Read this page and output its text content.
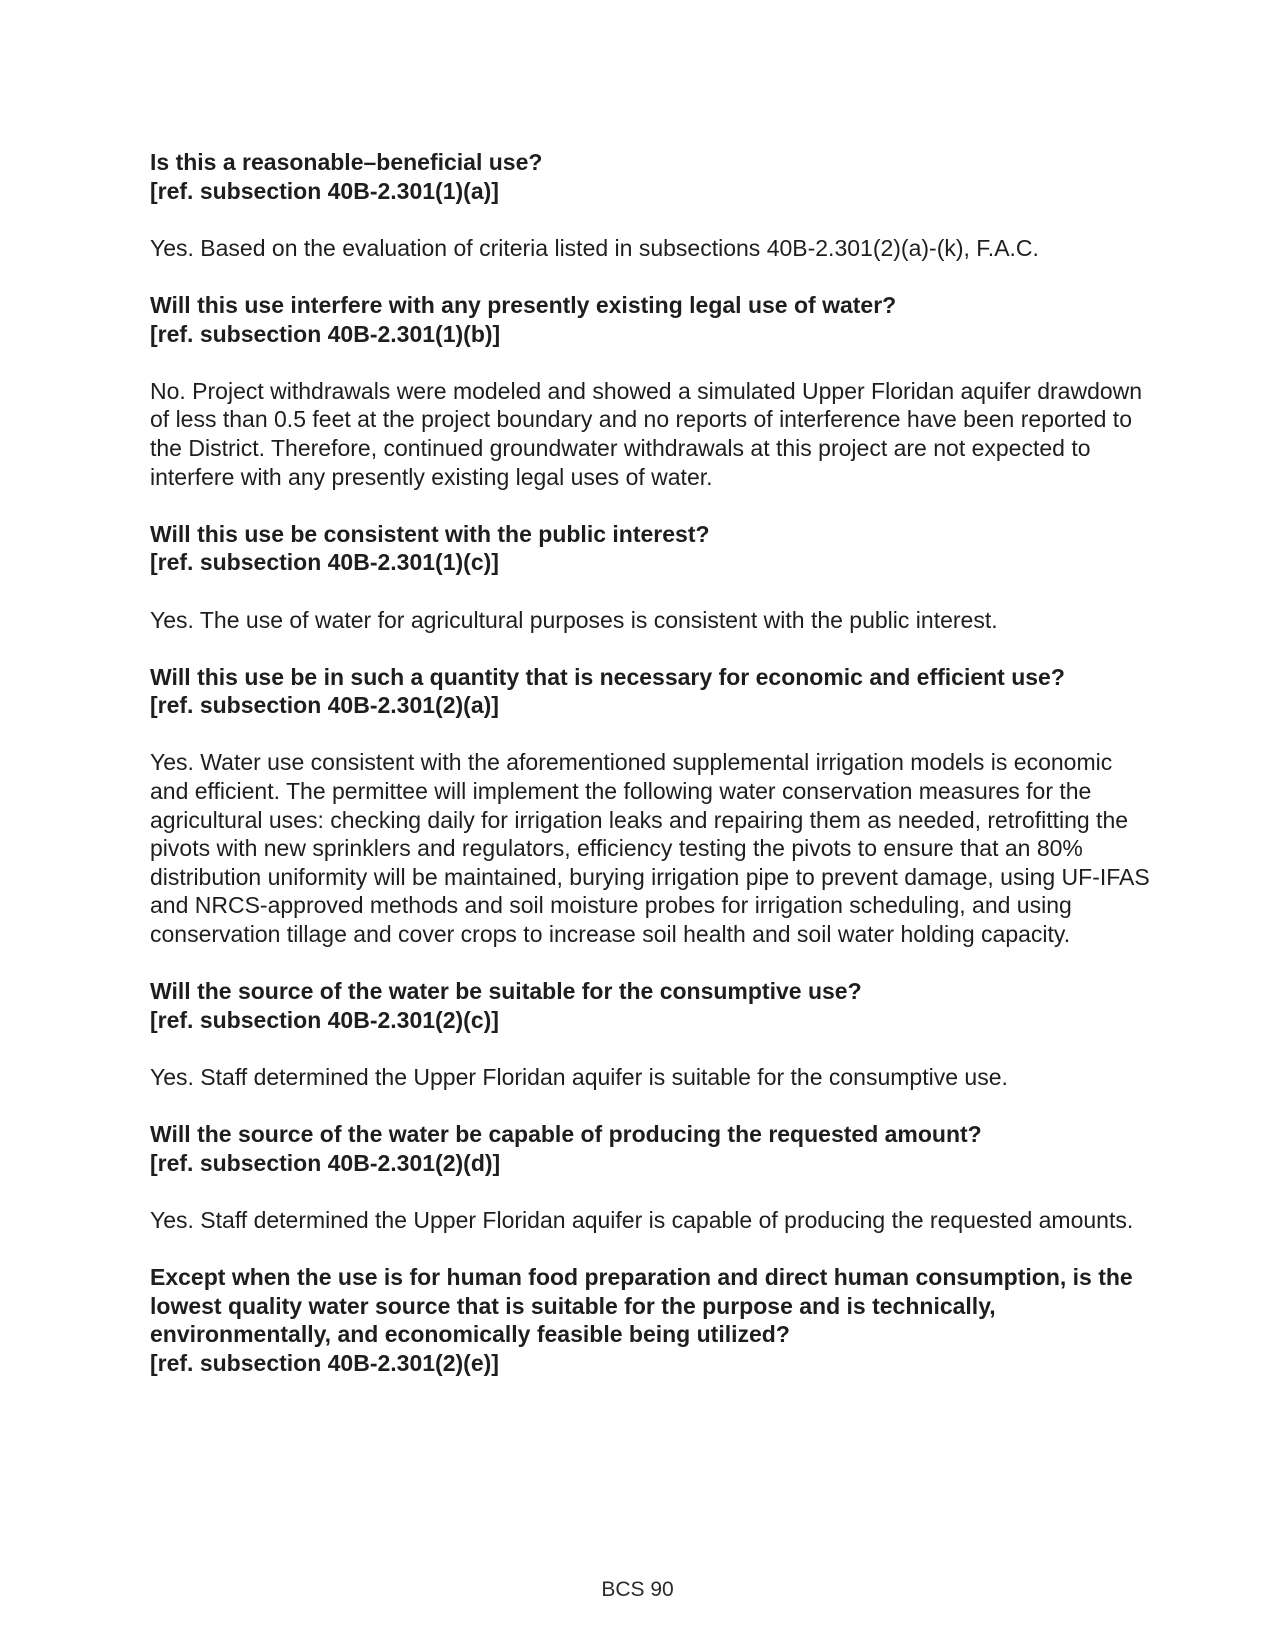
Is this a reasonable–beneficial use?

[ref. subsection 40B-2.301(1)(a)]

Yes. Based on the evaluation of criteria listed in subsections 40B-2.301(2)(a)-(k), F.A.C.

Will this use interfere with any presently existing legal use of water?

[ref. subsection 40B-2.301(1)(b)]

No. Project withdrawals were modeled and showed a simulated Upper Floridan aquifer drawdown of less than 0.5 feet at the project boundary and no reports of interference have been reported to the District. Therefore, continued groundwater withdrawals at this project are not expected to interfere with any presently existing legal uses of water.

Will this use be consistent with the public interest?

[ref. subsection 40B-2.301(1)(c)]

Yes. The use of water for agricultural purposes is consistent with the public interest.

Will this use be in such a quantity that is necessary for economic and efficient use?

[ref. subsection 40B-2.301(2)(a)]

Yes. Water use consistent with the aforementioned supplemental irrigation models is economic and efficient. The permittee will implement the following water conservation measures for the agricultural uses: checking daily for irrigation leaks and repairing them as needed, retrofitting the pivots with new sprinklers and regulators, efficiency testing the pivots to ensure that an 80% distribution uniformity will be maintained, burying irrigation pipe to prevent damage, using UF-IFAS and NRCS-approved methods and soil moisture probes for irrigation scheduling, and using conservation tillage and cover crops to increase soil health and soil water holding capacity.

Will the source of the water be suitable for the consumptive use?

[ref. subsection 40B-2.301(2)(c)]

Yes. Staff determined the Upper Floridan aquifer is suitable for the consumptive use.

Will the source of the water be capable of producing the requested amount?

[ref. subsection 40B-2.301(2)(d)]

Yes. Staff determined the Upper Floridan aquifer is capable of producing the requested amounts.

Except when the use is for human food preparation and direct human consumption, is the lowest quality water source that is suitable for the purpose and is technically, environmentally, and economically feasible being utilized?

[ref. subsection 40B-2.301(2)(e)]

BCS 90
